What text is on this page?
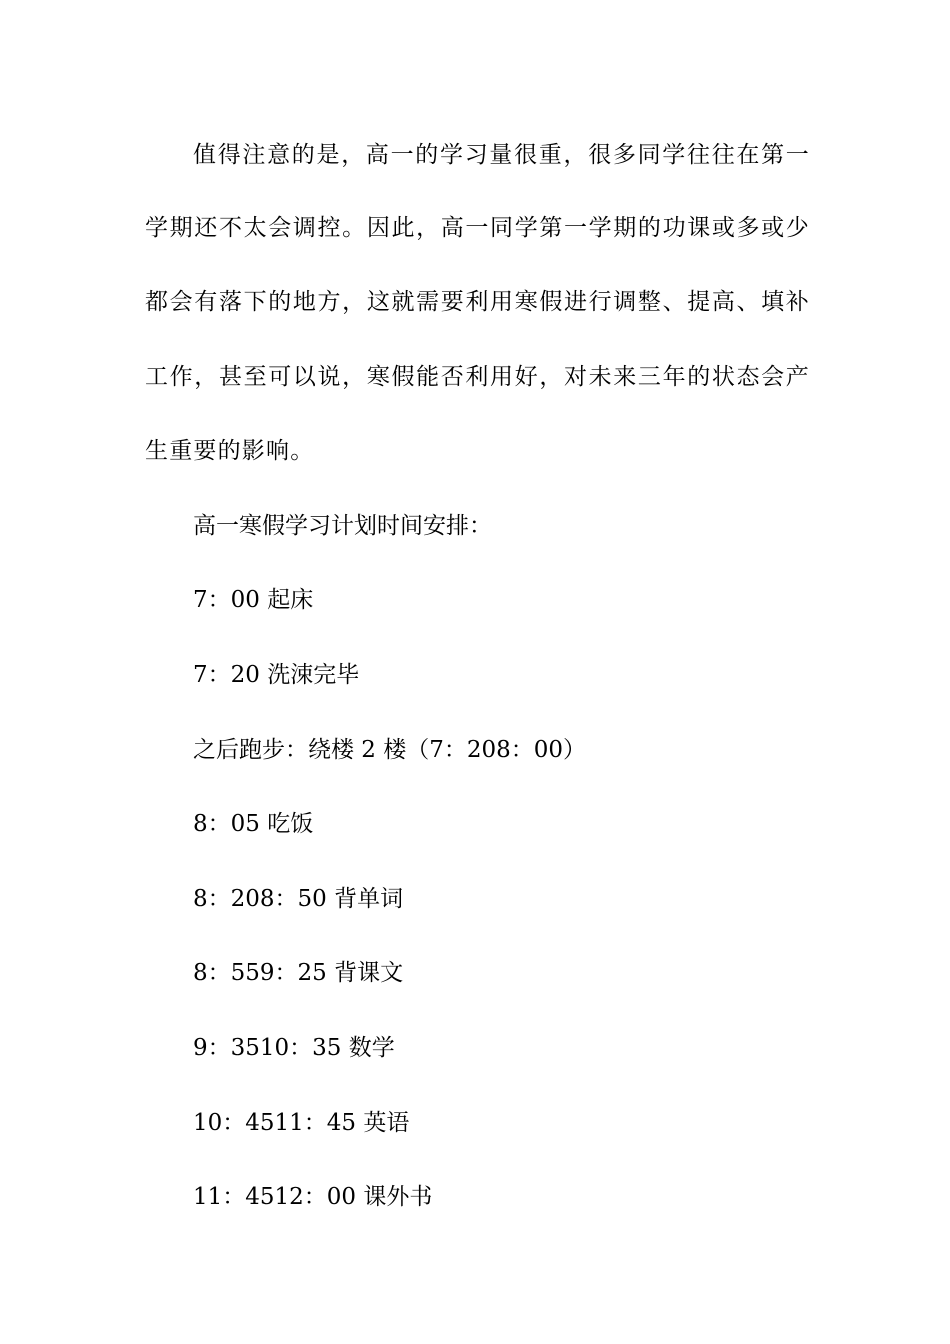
值得注意的是，高一的学习量很重，很多同学往往在第一
学期还不太会调控。因此，高一同学第一学期的功课或多或少
都会有落下的地方，这就需要利用寒假进行调整、提高、填补
工作，甚至可以说，寒假能否利用好，对未来三年的状态会产
生重要的影响。
高一寒假学习计划时间安排：
7：00 起床
7：20 洗涑完毕
之后跑步：绕楼 2 楼（7：208：00）
8：05 吃饭
8：208：50 背单词
8：559：25 背课文
9：3510：35 数学
10：4511：45 英语
11：4512：00 课外书
